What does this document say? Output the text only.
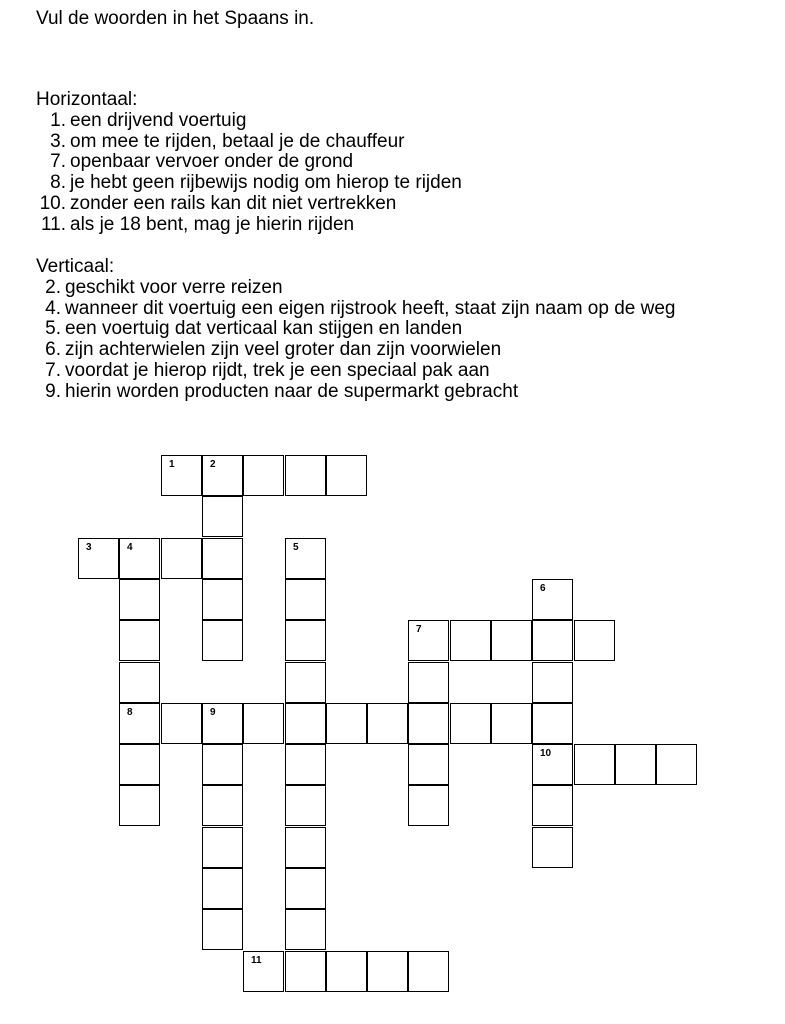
Vul de woorden in het Spaans in.
Horizontaal:
1. een drijvend voertuig
3. om mee te rijden, betaal je de chauffeur
7. openbaar vervoer onder de grond
8. je hebt geen rijbewijs nodig om hierop te rijden
10. zonder een rails kan dit niet vertrekken
11. als je 18 bent, mag je hierin rijden
Verticaal:
2. geschikt voor verre reizen
4. wanneer dit voertuig een eigen rijstrook heeft, staat zijn naam op de weg
5. een voertuig dat verticaal kan stijgen en landen
6. zijn achterwielen zijn veel groter dan zijn voorwielen
7. voordat je hierop rijdt, trek je een speciaal pak aan
9. hierin worden producten naar de supermarkt gebracht
1	2
3	4
8
5
6
10
7
9
11
